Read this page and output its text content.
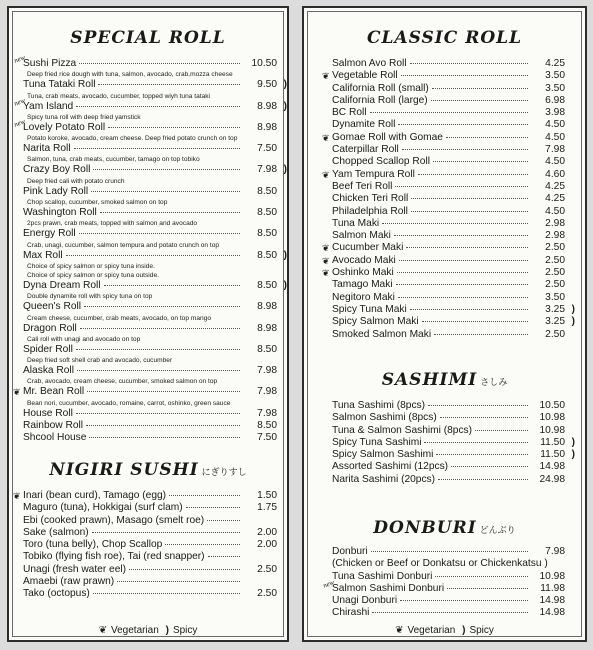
SPECIAL ROLL
new
Sushi Pizza	10.50
Deep fried rice dough with tuna, salmon, avocado, crab,mozza cheese
Tuna Tataki Roll	9.50 )
Tuna, crab meats, avocado, cucumber, topped wiyh tuna tataki
new
Yam Island	8.98 )
Spicy tuna roll with deep fried yamstick
new
Lovely Potato Roll	8.98
Potato koroke, avocado, cream cheese. Deep fried potato crunch on top
Narita Roll	7.50
Salmon, tuna, crab meats, cucumber, tamago on top tobiko
Crazy Boy Roll	7.98 )
Deep fried cali with potato crunch
Pink Lady Roll	8.50
Chop scallop, cucumber, smoked salmon on top
Washington Roll	8.50
2pcs prawn, crab meats, topped with salmon and avocado
Energy Roll	8.50
Crab, unagi, cucumber, salmon tempura and potato crunch on top
Max Roll	8.50 )
Choice of spicy salmon or spicy tuna inside.
Choice of spicy salmon or spicy tuna outside.
Dyna Dream Roll	8.50 )
Double dynamite roll with spicy tuna on top
Queen's Roll	8.98
Cream cheese, cucumber, crab meats, avocado, on top mango
Dragon Roll	8.98
Cali roll with unagi and avocado on top
Spider Roll	8.50
Deep fried soft shell crab and avocado, cucumber
Alaska Roll	7.98
Crab, avocado, cream cheese, cucumber, smoked salmon on top
❦ Mr. Bean Roll	7.98
Bean nori, cucumber, avocado, romaine, carrot, oshinko, green sauce
House Roll	7.98
Rainbow Roll	8.50
Shcool House	7.50
NIGIRI SUSHI にぎりすし
❦ Inari (bean curd), Tamago (egg)	1.50
Maguro (tuna), Hokkigai (surf clam)	1.75
Ebi (cooked prawn), Masago (smelt roe)
Sake (salmon)	2.00
Toro (tuna belly), Chop Scallop	2.00
Tobiko (flying fish roe), Tai (red snapper)
Unagi (fresh water eel)	2.50
Amaebi (raw prawn)
Tako (octopus)	2.50
❦ Vegetarian ) Spicy
CLASSIC ROLL
Salmon Avo Roll	4.25
❦ Vegetable Roll	3.50
California Roll (small)	3.50
California Roll (large)	6.98
BC Roll	3.98
Dynamite Roll	4.50
❦ Gomae Roll with Gomae	4.50
Caterpillar Roll	7.98
Chopped Scallop Roll	4.50
❦ Yam Tempura Roll	4.60
Beef Teri Roll	4.25
Chicken Teri Roll	4.25
Philadelphia Roll	4.50
Tuna Maki	2.98
Salmon Maki	2.98
❦ Cucumber Maki	2.50
❦ Avocado Maki	2.50
❦ Oshinko Maki	2.50
Tamago Maki	2.50
Negitoro Maki	3.50
Spicy Tuna Maki	3.25 )
Spicy Salmon Maki	3.25 )
Smoked Salmon Maki	2.50
SASHIMI さしみ
Tuna Sashimi (8pcs)	10.50
Salmon Sashimi (8pcs)	10.98
Tuna & Salmon Sashimi (8pcs)	10.98
Spicy Tuna Sashimi	11.50 )
Spicy Salmon Sashimi	11.50 )
Assorted Sashimi (12pcs)	14.98
Narita Sashimi (20pcs)	24.98
DONBURI どんぶり
Donburi	7.98
(Chicken or Beef or Donkatsu or Chickenkatsu )
Tuna Sashimi Donburi	10.98
new
Salmon Sashimi Donburi	11.98
Unagi Donburi	14.98
Chirashi	14.98
❦ Vegetarian ) Spicy
